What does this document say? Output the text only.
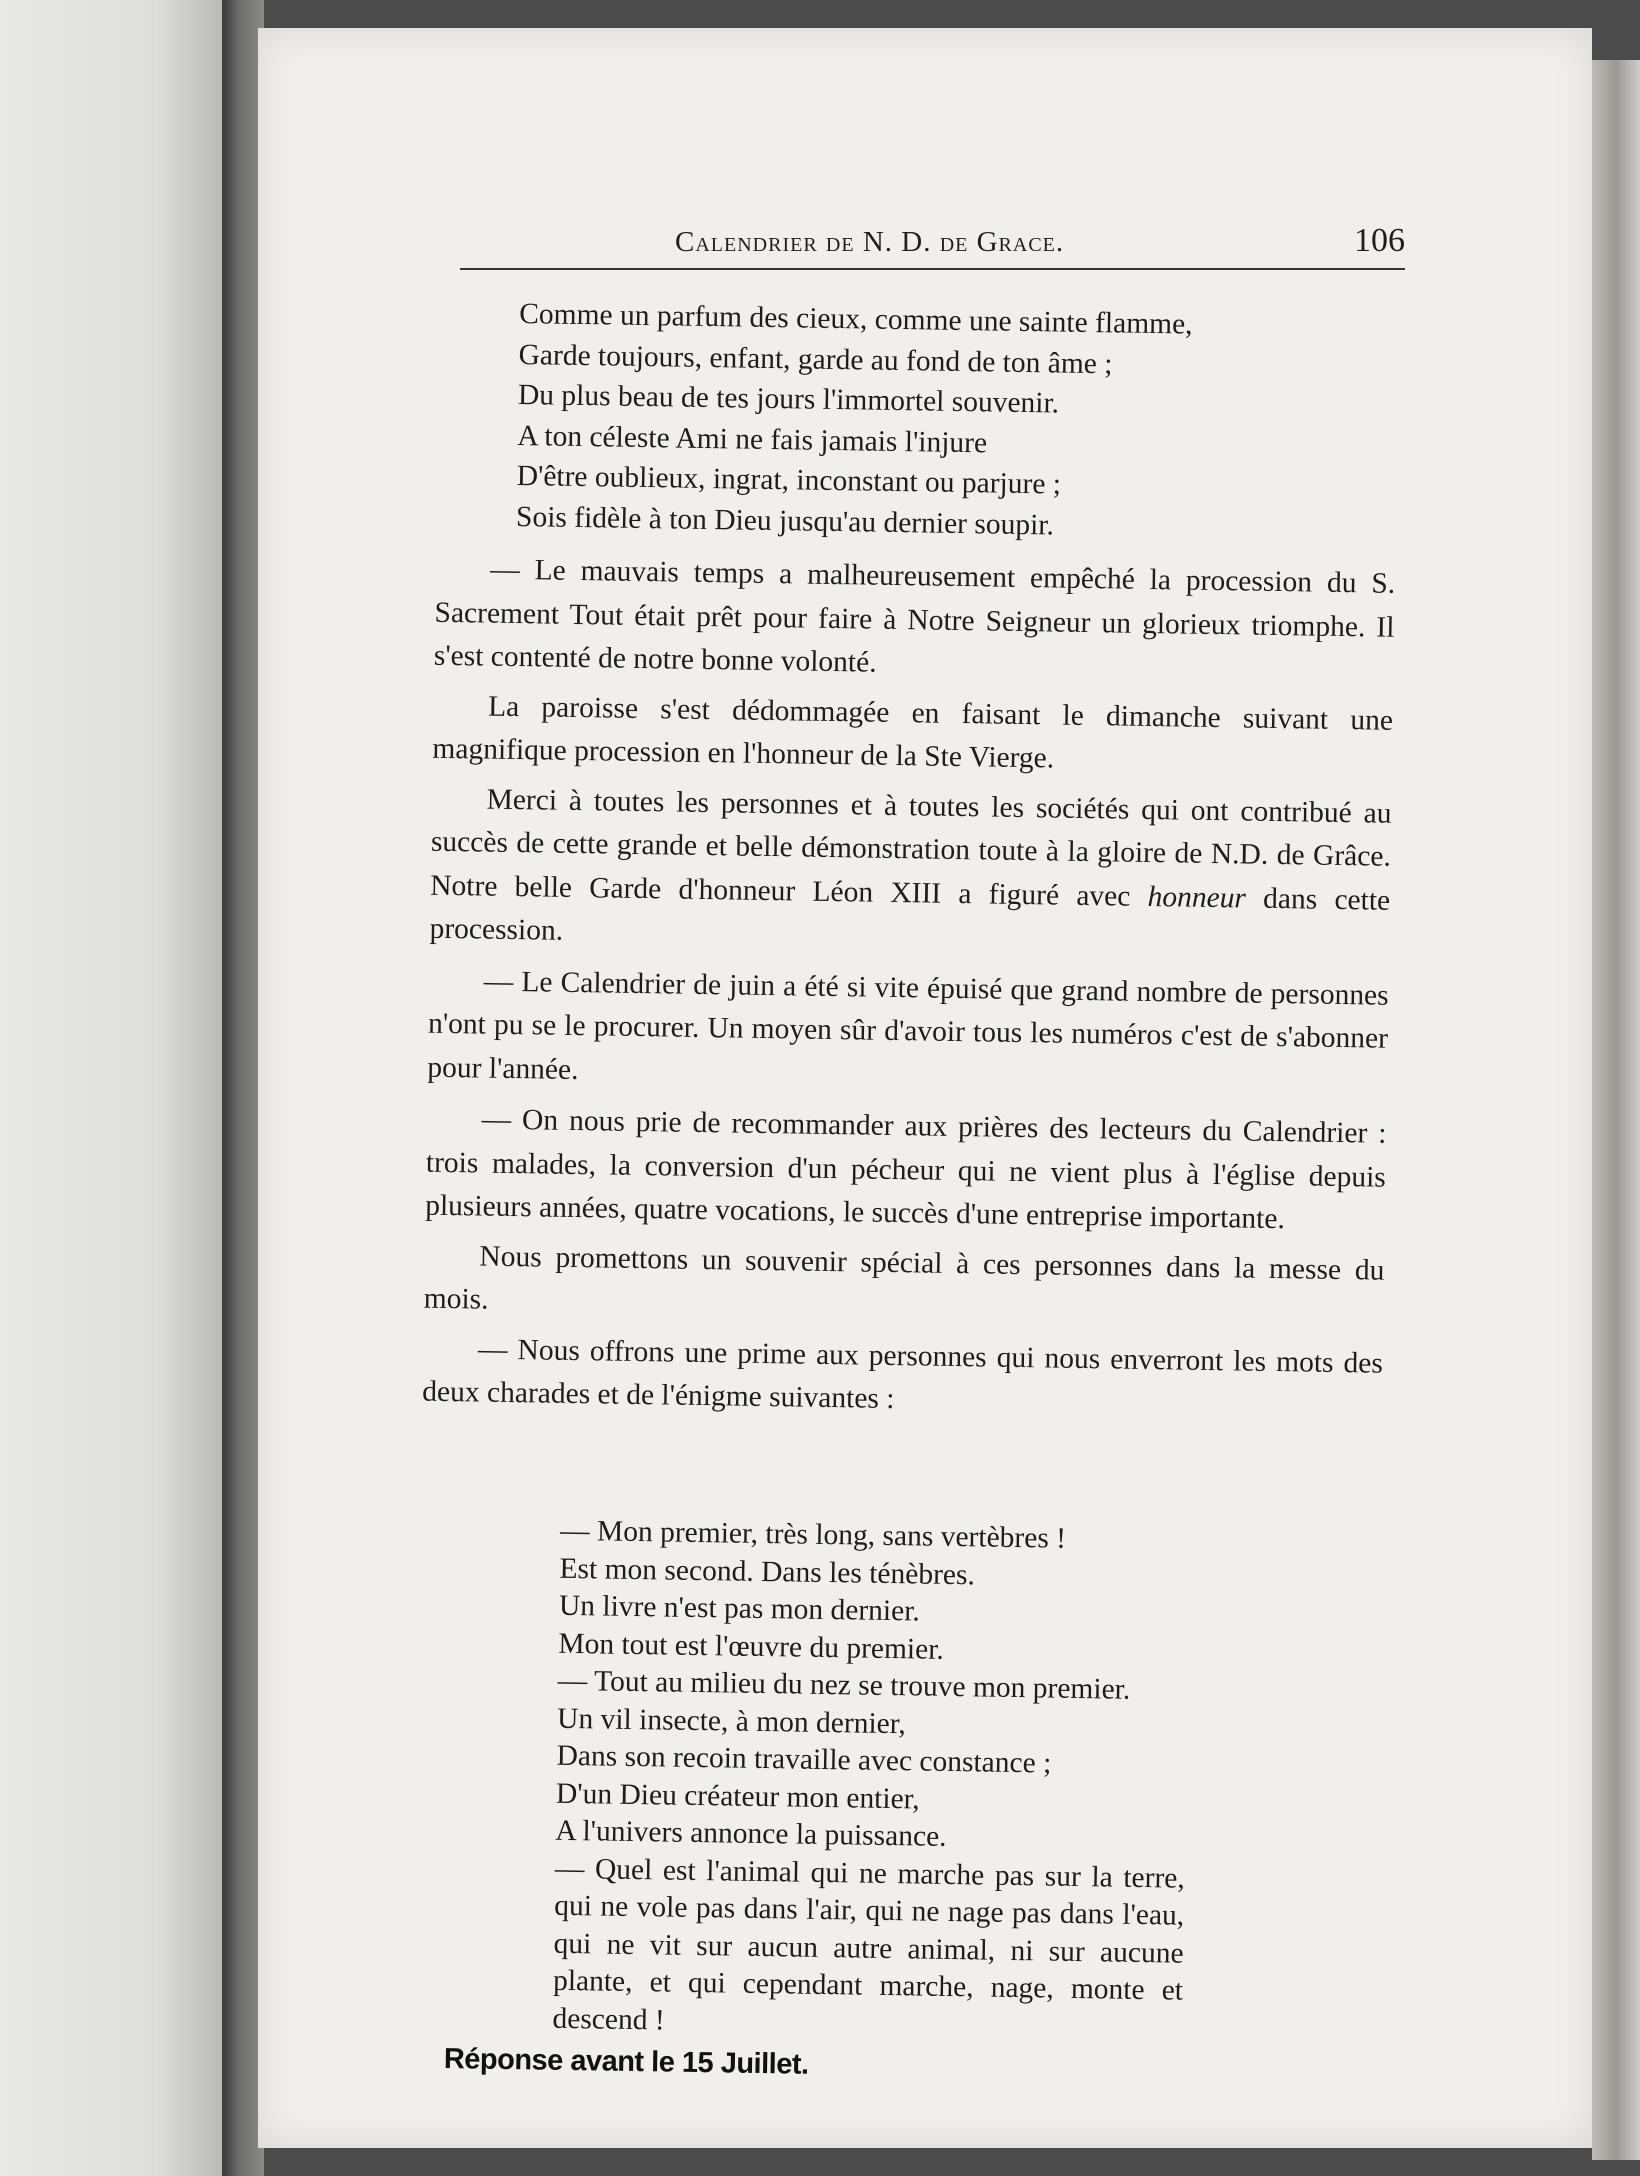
Calendrier de N. D. de Grace.	106
Comme un parfum des cieux, comme une sainte flamme,
Garde toujours, enfant, garde au fond de ton âme ;
Du plus beau de tes jours l'immortel souvenir.
A ton céleste Ami ne fais jamais l'injure
D'être oublieux, ingrat, inconstant ou parjure ;
Sois fidèle à ton Dieu jusqu'au dernier soupir.

— Le mauvais temps a malheureusement empêché la procession du S. Sacrement Tout était prêt pour faire à Notre Seigneur un glorieux triomphe. Il s'est contenté de notre bonne volonté.

La paroisse s'est dédommagée en faisant le dimanche suivant une magnifique procession en l'honneur de la Ste Vierge.

Merci à toutes les personnes et à toutes les sociétés qui ont contribué au succès de cette grande et belle démonstration toute à la gloire de N.D. de Grâce. Notre belle Garde d'honneur Léon XIII a figuré avec honneur dans cette procession.

— Le Calendrier de juin a été si vite épuisé que grand nombre de personnes n'ont pu se le procurer. Un moyen sûr d'avoir tous les numéros c'est de s'abonner pour l'année.

— On nous prie de recommander aux prières des lecteurs du Calendrier : trois malades, la conversion d'un pécheur qui ne vient plus à l'église depuis plusieurs années, quatre vocations, le succès d'une entreprise importante.

Nous promettons un souvenir spécial à ces personnes dans la messe du mois.

— Nous offrons une prime aux personnes qui nous enverront les mots des deux charades et de l'énigme suivantes :

— Mon premier, très long, sans vertèbres !
Est mon second. Dans les ténèbres.
Un livre n'est pas mon dernier.
Mon tout est l'œuvre du premier.
— Tout au milieu du nez se trouve mon premier.
Un vil insecte, à mon dernier,
Dans son recoin travaille avec constance ;
D'un Dieu créateur mon entier,
A l'univers annonce la puissance.

— Quel est l'animal qui ne marche pas sur la terre, qui ne vole pas dans l'air, qui ne nage pas dans l'eau, qui ne vit sur aucun autre animal, ni sur aucune plante, et qui cependant marche, nage, monte et descend !

Réponse avant le 15 Juillet.
